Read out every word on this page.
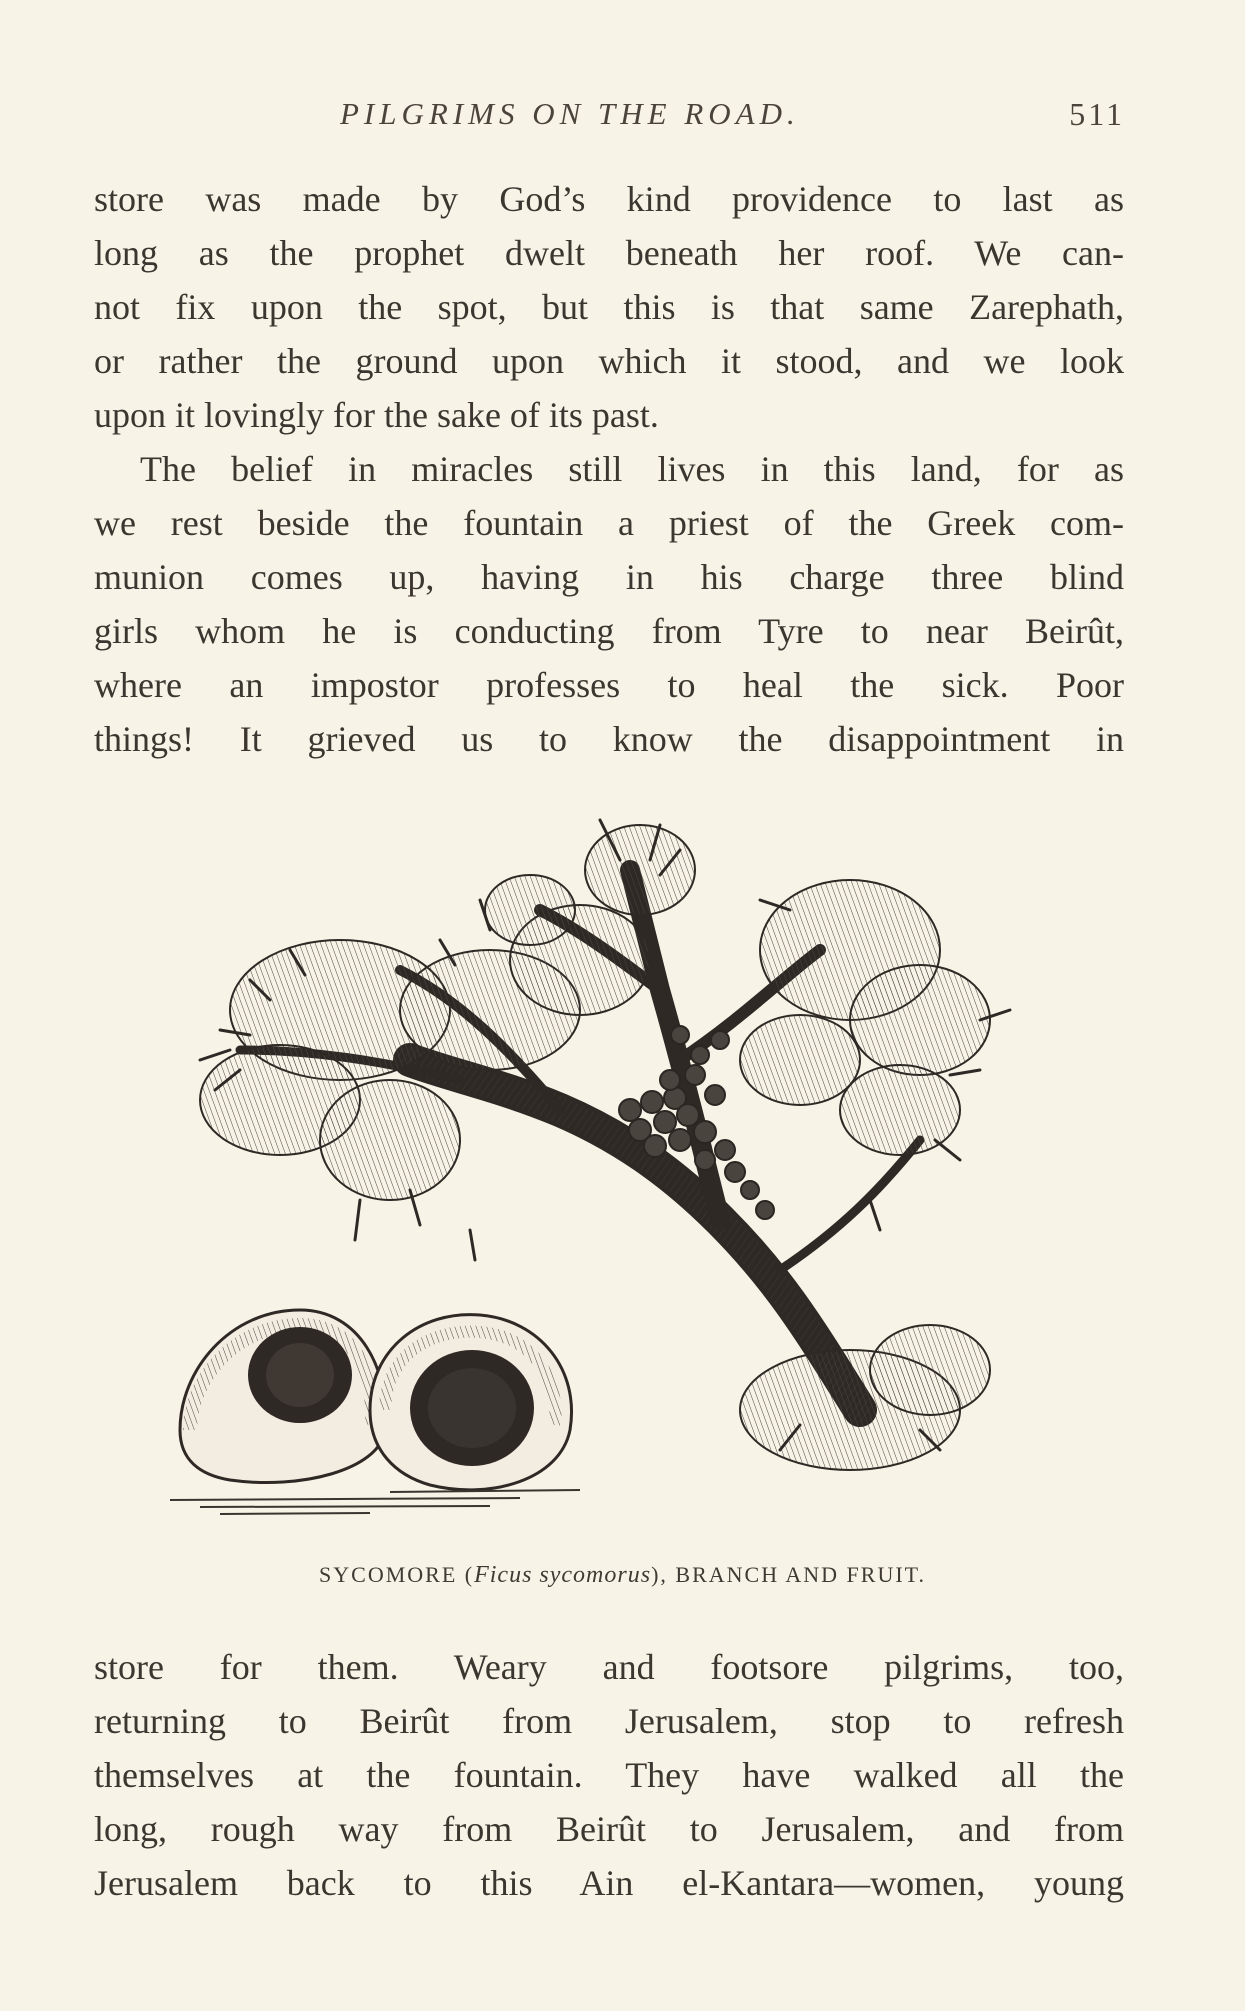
PILGRIMS ON THE ROAD.	511
store was made by God’s kind providence to last as
long as the prophet dwelt beneath her roof. We can-
not fix upon the spot, but this is that same Zarephath,
or rather the ground upon which it stood, and we look
upon it lovingly for the sake of its past.
The belief in miracles still lives in this land, for as
we rest beside the fountain a priest of the Greek com-
munion comes up, having in his charge three blind
girls whom he is conducting from Tyre to near Beirût,
where an impostor professes to heal the sick. Poor
things! It grieved us to know the disappointment in
SYCOMORE (Ficus sycomorus), BRANCH AND FRUIT.
store for them. Weary and footsore pilgrims, too,
returning to Beirût from Jerusalem, stop to refresh
themselves at the fountain. They have walked all the
long, rough way from Beirût to Jerusalem, and from
Jerusalem back to this Ain el-Kantara—women, young
